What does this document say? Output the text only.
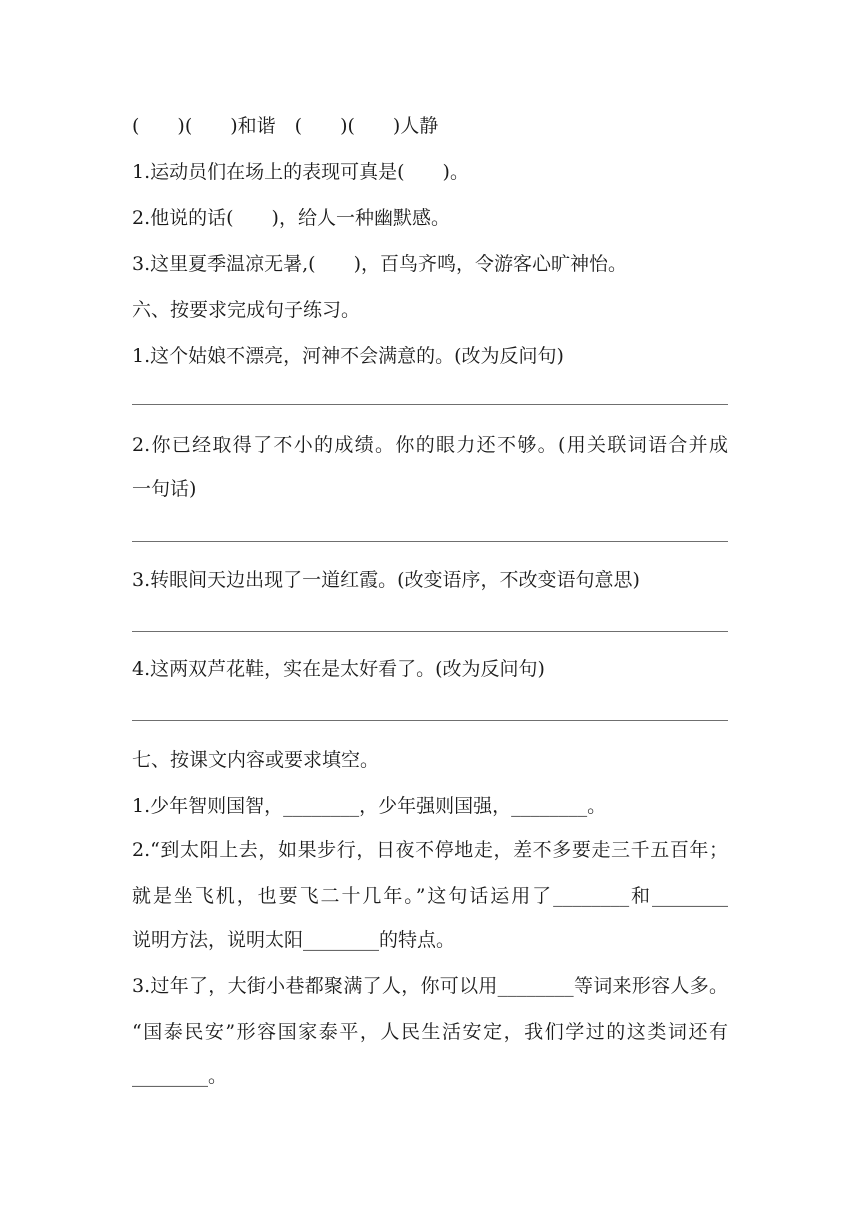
(　　)(　　)和谐　(　　)(　　)人静
1.运动员们在场上的表现可真是(　　)。
2.他说的话(　　)，给人一种幽默感。
3.这里夏季温凉无暑,(　　)，百鸟齐鸣，令游客心旷神怡。
六、按要求完成句子练习。
1.这个姑娘不漂亮，河神不会满意的。(改为反问句)
2.你已经取得了不小的成绩。你的眼力还不够。(用关联词语合并成
一句话)
3.转眼间天边出现了一道红霞。(改变语序，不改变语句意思)
4.这两双芦花鞋，实在是太好看了。(改为反问句)
七、按课文内容或要求填空。
1.少年智则国智，________，少年强则国强，________。
2.“到太阳上去，如果步行，日夜不停地走，差不多要走三千五百年；
就是坐飞机，也要飞二十几年。”这句话运用了________和________
说明方法，说明太阳________的特点。
3.过年了，大街小巷都聚满了人，你可以用________等词来形容人多。
“国泰民安”形容国家泰平，人民生活安定，我们学过的这类词还有
________。
